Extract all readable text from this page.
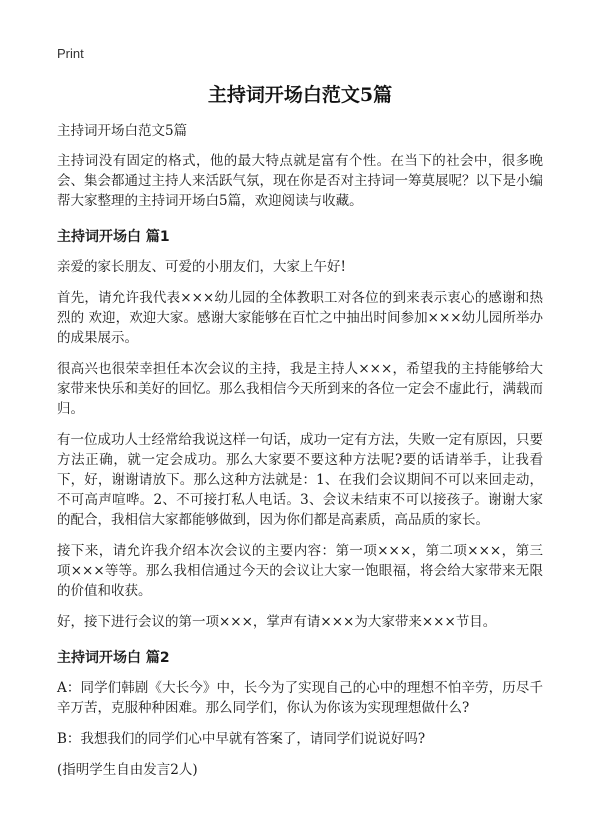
Print
主持词开场白范文5篇

主持词开场白范文5篇

主持词没有固定的格式，他的最大特点就是富有个性。在当下的社会中，很多晚会、集会都通过主持人来活跃气氛，现在你是否对主持词一筹莫展呢？以下是小编帮大家整理的主持词开场白5篇，欢迎阅读与收藏。

主持词开场白 篇1

亲爱的家长朋友、可爱的小朋友们，大家上午好!

首先，请允许我代表×××幼儿园的全体教职工对各位的到来表示衷心的感谢和热烈的 欢迎，欢迎大家。感谢大家能够在百忙之中抽出时间参加×××幼儿园所举办的成果展示。

很高兴也很荣幸担任本次会议的主持，我是主持人×××，希望我的主持能够给大家带来快乐和美好的回忆。那么我相信今天所到来的各位一定会不虚此行，满载而归。

有一位成功人士经常给我说这样一句话，成功一定有方法，失败一定有原因，只要方法正确，就一定会成功。那么大家要不要这种方法呢?要的话请举手，让我看下，好，谢谢请放下。那么这种方法就是：1、在我们会议期间不可以来回走动，不可高声喧哗。2、不可接打私人电话。3、会议未结束不可以接孩子。谢谢大家的配合，我相信大家都能够做到，因为你们都是高素质，高品质的家长。

接下来，请允许我介绍本次会议的主要内容：第一项×××，第二项×××，第三项×××等等。那么我相信通过今天的会议让大家一饱眼福，将会给大家带来无限的价值和收获。

好，接下进行会议的第一项×××，掌声有请×××为大家带来×××节目。

主持词开场白 篇2

A：同学们韩剧《大长今》中，长今为了实现自己的心中的理想不怕辛劳，历尽千辛万苦，克服种种困难。那么同学们，你认为你该为实现理想做什么?

B：我想我们的同学们心中早就有答案了，请同学们说说好吗?

(指明学生自由发言2人)
